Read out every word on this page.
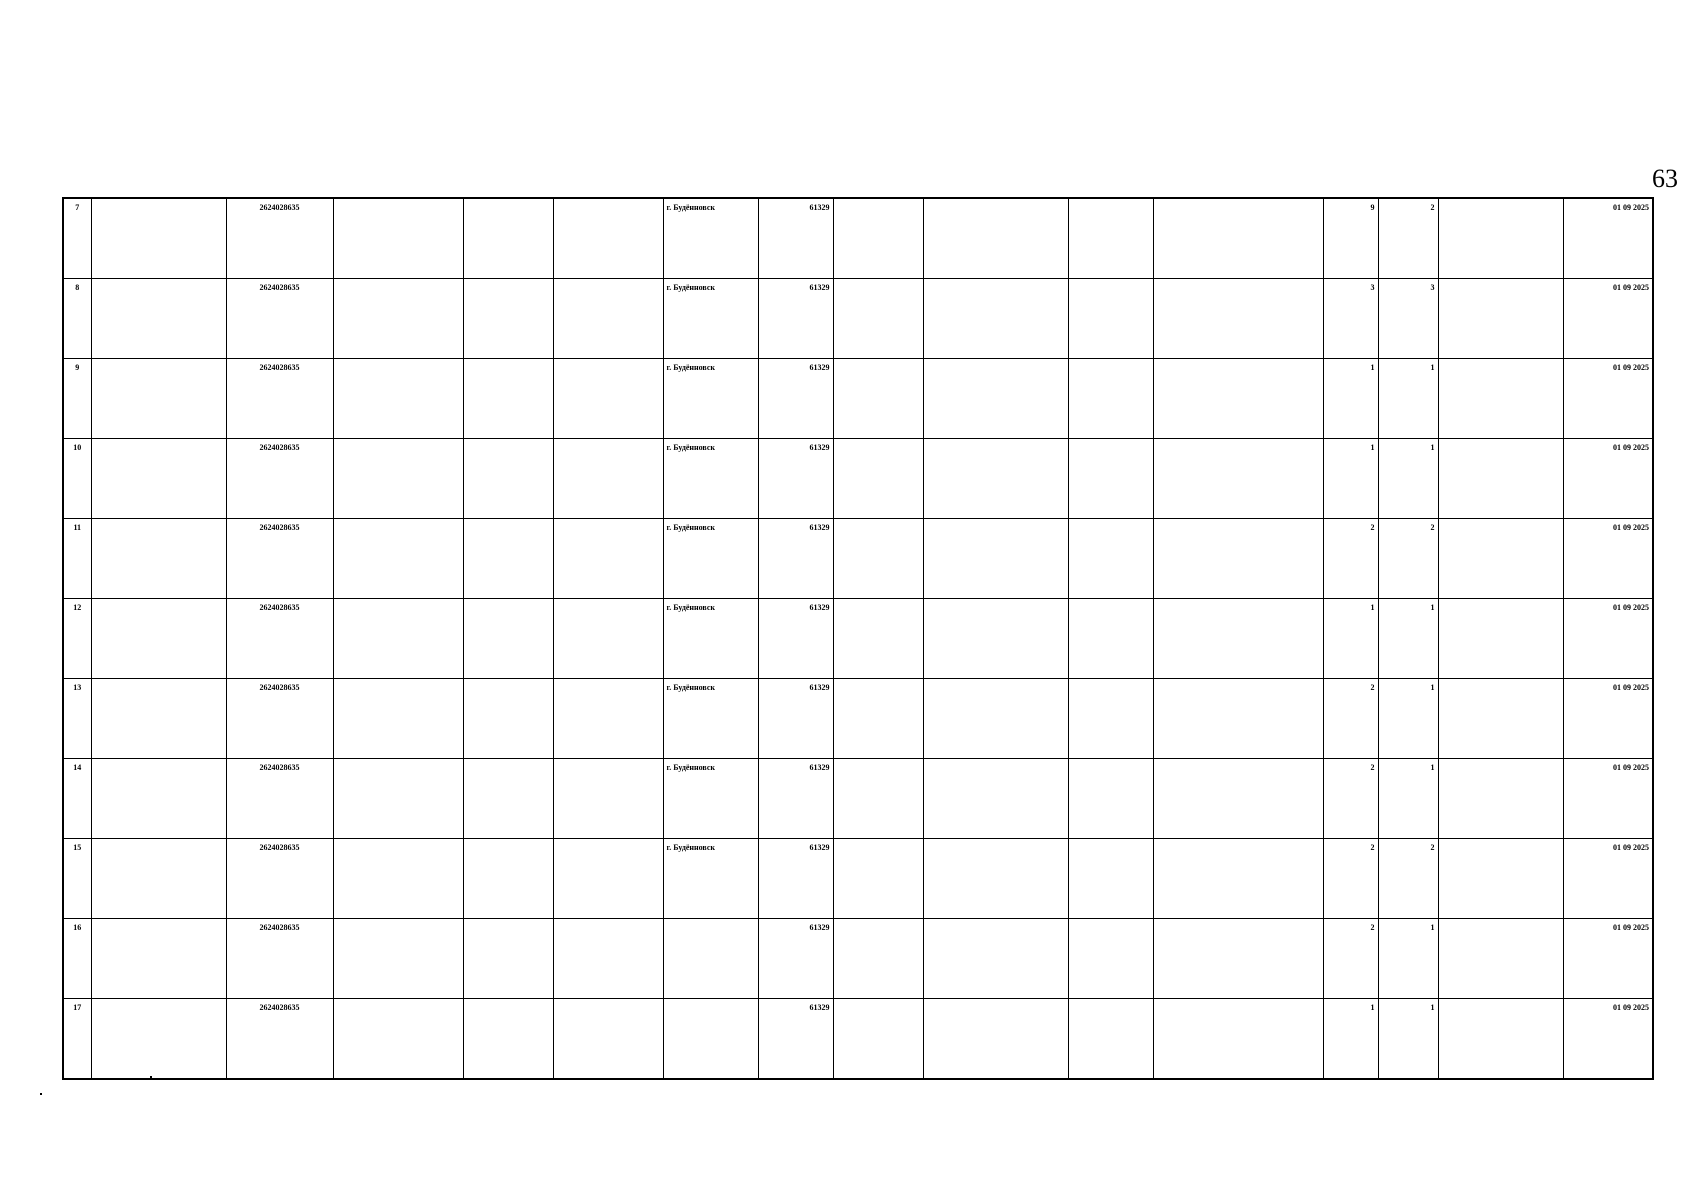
63
7		2624028635				г. Будённовск	61329					9	2		01 09 2025
8		2624028635				г. Будённовск	61329					3	3		01 09 2025
9		2624028635				г. Будённовск	61329					1	1		01 09 2025
10		2624028635				г. Будённовск	61329					1	1		01 09 2025
11		2624028635				г. Будённовск	61329					2	2		01 09 2025
12		2624028635				г. Будённовск	61329					1	1		01 09 2025
13		2624028635				г. Будённовск	61329					2	1		01 09 2025
14		2624028635				г. Будённовск	61329					2	1		01 09 2025
15		2624028635				г. Будённовск	61329					2	2		01 09 2025
16		2624028635					61329					2	1		01 09 2025
17		2624028635					61329					1	1		01 09 2025
